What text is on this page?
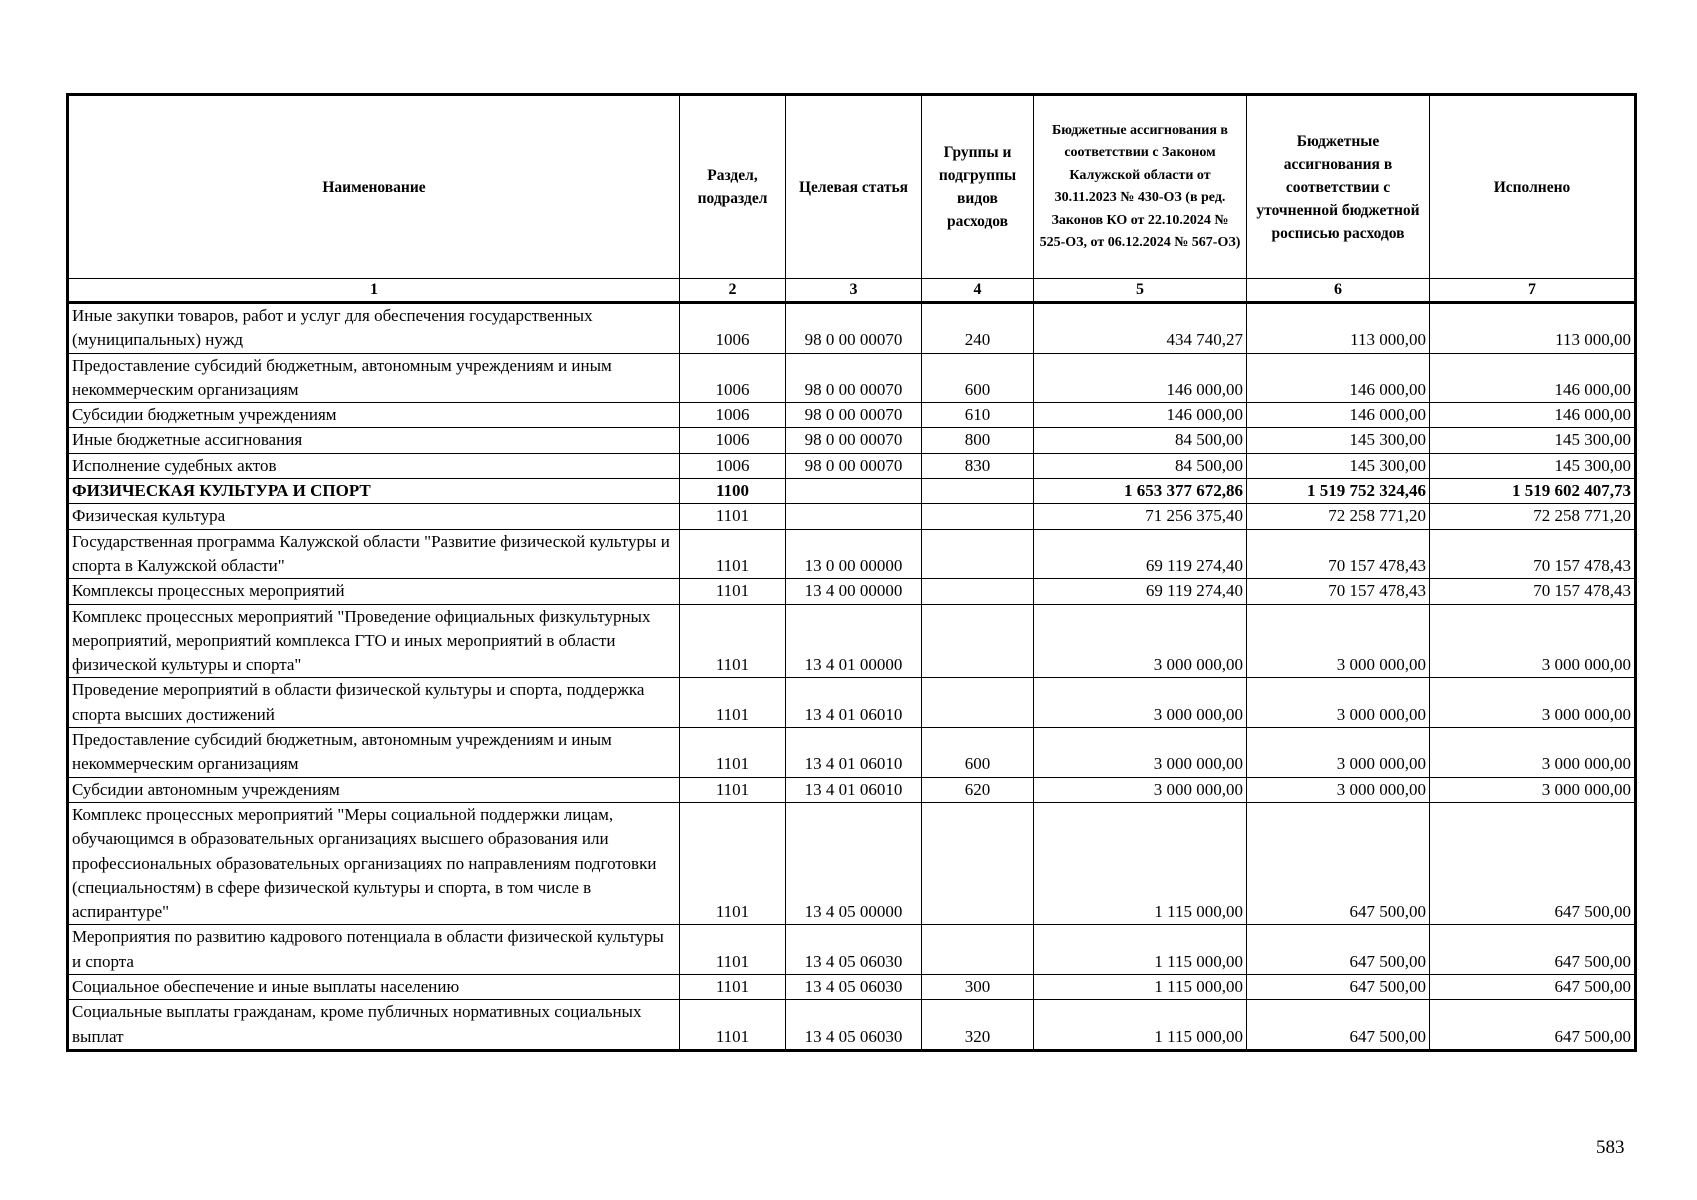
Наименование	Раздел, подраздел	Целевая статья	Группы и подгруппы видов расходов	Бюджетные ассигнования в соответствии с Законом Калужской области от 30.11.2023 № 430-ОЗ (в ред. Законов КО от 22.10.2024 № 525-ОЗ, от 06.12.2024 № 567-ОЗ)	Бюджетные ассигнования в соответствии с уточненной бюджетной росписью расходов	Исполнено
1	2	3	4	5	6	7
Иные закупки товаров, работ и услуг для обеспечения государственных (муниципальных) нужд	1006	98 0 00 00070	240	434 740,27	113 000,00	113 000,00
Предоставление субсидий бюджетным, автономным учреждениям и иным некоммерческим организациям	1006	98 0 00 00070	600	146 000,00	146 000,00	146 000,00
Субсидии бюджетным учреждениям	1006	98 0 00 00070	610	146 000,00	146 000,00	146 000,00
Иные бюджетные ассигнования	1006	98 0 00 00070	800	84 500,00	145 300,00	145 300,00
Исполнение судебных актов	1006	98 0 00 00070	830	84 500,00	145 300,00	145 300,00
ФИЗИЧЕСКАЯ КУЛЬТУРА И СПОРТ	1100			1 653 377 672,86	1 519 752 324,46	1 519 602 407,73
Физическая культура	1101			71 256 375,40	72 258 771,20	72 258 771,20
Государственная программа Калужской области "Развитие физической культуры и спорта в Калужской области"	1101	13 0 00 00000		69 119 274,40	70 157 478,43	70 157 478,43
Комплексы процессных мероприятий	1101	13 4 00 00000		69 119 274,40	70 157 478,43	70 157 478,43
Комплекс процессных мероприятий "Проведение официальных физкультурных мероприятий, мероприятий комплекса ГТО и иных мероприятий в области физической культуры и спорта"	1101	13 4 01 00000		3 000 000,00	3 000 000,00	3 000 000,00
Проведение мероприятий в области физической культуры и спорта, поддержка спорта высших достижений	1101	13 4 01 06010		3 000 000,00	3 000 000,00	3 000 000,00
Предоставление субсидий бюджетным, автономным учреждениям и иным некоммерческим организациям	1101	13 4 01 06010	600	3 000 000,00	3 000 000,00	3 000 000,00
Субсидии автономным учреждениям	1101	13 4 01 06010	620	3 000 000,00	3 000 000,00	3 000 000,00
Комплекс процессных мероприятий "Меры социальной поддержки лицам, обучающимся в образовательных организациях высшего образования или профессиональных образовательных организациях по направлениям подготовки (специальностям) в сфере физической культуры и спорта, в том числе в аспирантуре"	1101	13 4 05 00000		1 115 000,00	647 500,00	647 500,00
Мероприятия по развитию кадрового потенциала в области физической культуры и спорта	1101	13 4 05 06030		1 115 000,00	647 500,00	647 500,00
Социальное обеспечение и иные выплаты населению	1101	13 4 05 06030	300	1 115 000,00	647 500,00	647 500,00
Социальные выплаты гражданам, кроме публичных нормативных социальных выплат	1101	13 4 05 06030	320	1 115 000,00	647 500,00	647 500,00
583
